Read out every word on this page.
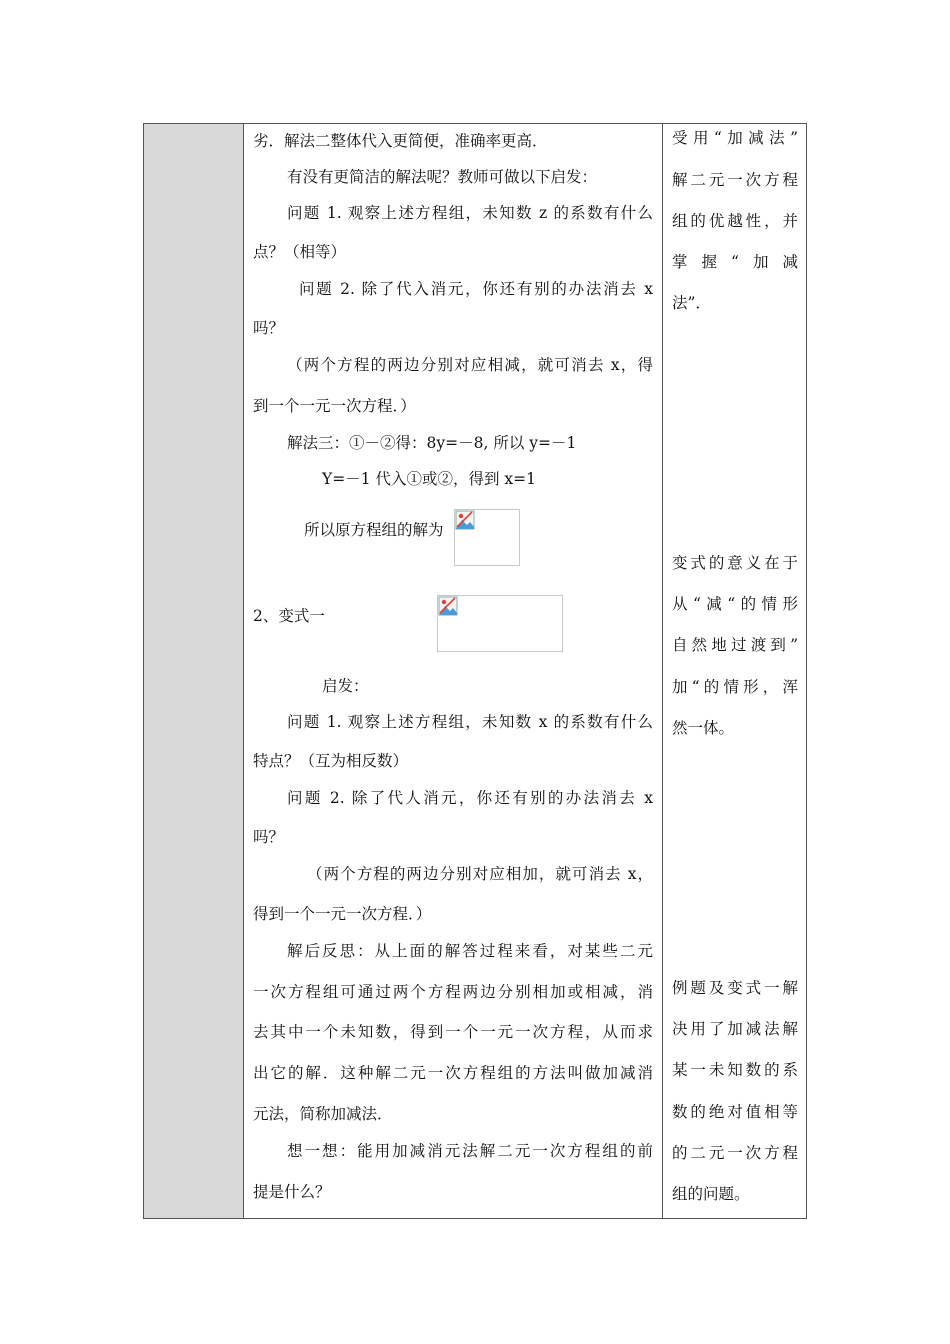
劣．解法二整体代入更简便，准确率更高．
有没有更简洁的解法呢？教师可做以下启发：
问题 1. 观察上述方程组，未知数 z 的系数有什么
点？（相等）
问题 2. 除了代入消元，你还有别的办法消去 x
吗？
（两个方程的两边分别对应相减，就可消去 x，得
到一个一元一次方程．）
解法三：①－②得：8y=－8, 所以 y=－1
Y=－1 代入①或②，得到 x=1
所以原方程组的解为
2、变式一
启发：
问题 1. 观察上述方程组，未知数 x 的系数有什么
特点？（互为相反数）
问题 2. 除了代人消元，你还有别的办法消去 x
吗？
（两个方程的两边分别对应相加，就可消去 x，
得到一个一元一次方程．）
解后反思：从上面的解答过程来看，对某些二元
一次方程组可通过两个方程两边分别相加或相减，消
去其中一个未知数，得到一个一元一次方程，从而求
出它的解．这种解二元一次方程组的方法叫做加减消
元法，简称加减法．
想一想：能用加减消元法解二元一次方程组的前
提是什么？
受用“加减法”
解二元一次方程
组的优越性，并
掌握“加减
法”．
变式的意义在于
从“减“的情形
自然地过渡到”
加“的情形，浑
然一体。
例题及变式一解
决用了加减法解
某一未知数的系
数的绝对值相等
的二元一次方程
组的问题。
